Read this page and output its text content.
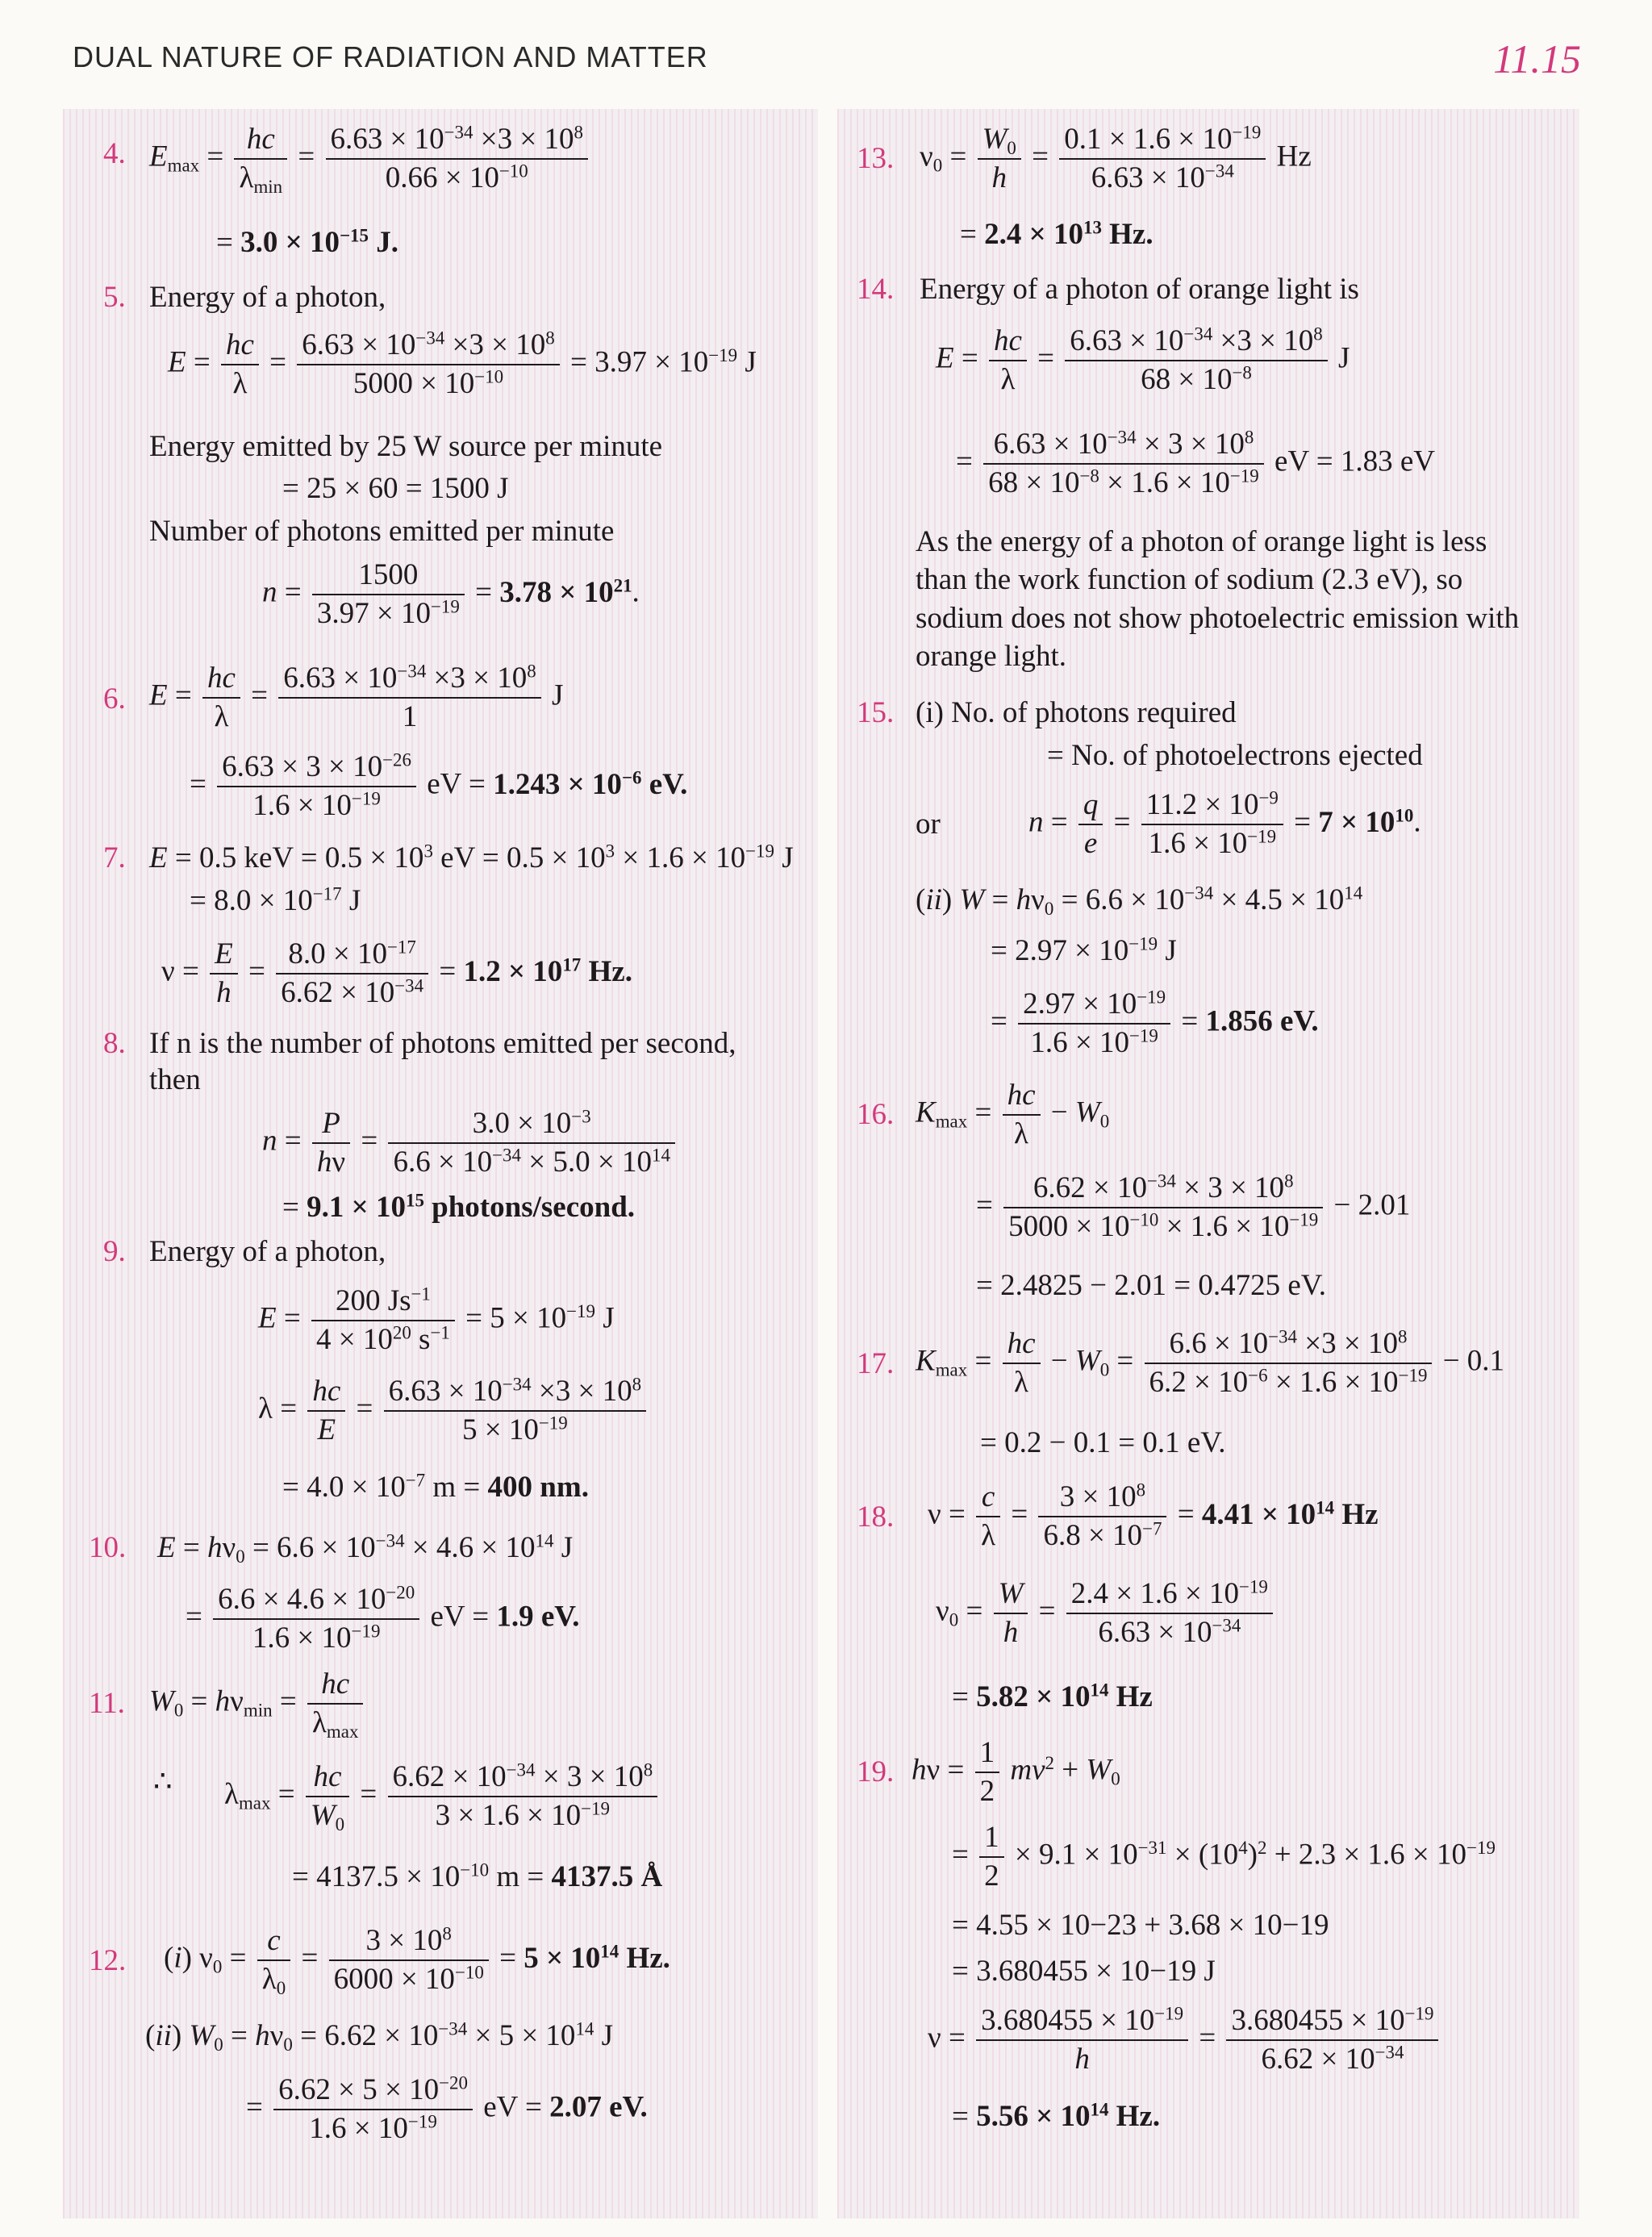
DUAL NATURE OF RADIATION AND MATTER	11.15
4. $E_{max}$ =
hc
$\lambda_{min}$
= $\frac{6.63 \times 10^{-34} \times 3 \times 10^8}{0.66 \times 10^{-10}}$
= $3.0 \times 10^{-15}$ J.
5. Energy of a photon,
$E = \frac{hc}{\lambda} = \frac{6.63 \times 10^{-34} \times 3 \times 10^8}{5000 \times 10^{-10}} = 3.97 \times 10^{-19}$ J
Energy emitted by 25 W source per minute
= 25 × 60 = 1500 J
Number of photons emitted per minute
$n = \frac{1500}{3.97 \times 10^{-19}} = 3.78 \times 10^{21}$.
6. $E = \frac{hc}{\lambda} = \frac{6.63 \times 10^{-34} \times 3 \times 10^8}{1}$ J
= $\frac{6.63 \times 3 \times 10^{-26}}{1.6 \times 10^{-19}}$ eV = $1.243 \times 10^{-6}$ eV.
7. E = 0.5 keV = $0.5 \times 10^3$ eV = $0.5 \times 10^3 \times 1.6 \times 10^{-19}$ J
= $8.0 \times 10^{-17}$ J
$\nu = \frac{E}{h} = \frac{8.0 \times 10^{-17}}{6.62 \times 10^{-34}} = 1.2 \times 10^{17}$ Hz.
8. If n is the number of photons emitted per second,
then
$n = \frac{P}{h\nu} = \frac{3.0 \times 10^{-3}}{6.6 \times 10^{-34} \times 5.0 \times 10^{14}}$
= $9.1 \times 10^{15}$ photons/second.
9. Energy of a photon,
$E = \frac{200 Js^{-1}}{4 \times 10^{20} s^{-1}} = 5 \times 10^{-19}$ J
$\lambda = \frac{hc}{E} = \frac{6.63 \times 10^{-34} \times 3 \times 10^8}{5 \times 10^{-19}}$
= $4.0 \times 10^{-7}$ m = 400 nm.
10. $E = h\nu_0 = 6.6 \times 10^{-34} \times 4.6 \times 10^{14}$ J
= $\frac{6.6 \times 4.6 \times 10^{-20}}{1.6 \times 10^{-19}}$ eV = 1.9 eV.
11. $W_0 = h\nu_{min}$ =
hc
$\lambda_{max}$
∴ $\lambda_{max} = \frac{hc}{W_0} = \frac{6.62 \times 10^{-34} \times 3 \times 10^8}{3 \times 1.6 \times 10^{-19}}$
= $4137.5 \times 10^{-10}$ m = 4137.5 Å
12. (i) $\nu_0 = \frac{c}{\lambda_0} = \frac{3 \times 10^8}{6000 \times 10^{-10}} = 5 \times 10^{14}$ Hz.
(ii) $W_0 = h\nu_0 = 6.62 \times 10^{-34} \times 5 \times 10^{14}$ J
= $\frac{6.62 \times 5 \times 10^{-20}}{1.6 \times 10^{-19}}$ eV = 2.07 eV.
13. $\nu_0 = \frac{W_0}{h} = \frac{0.1 \times 1.6 \times 10^{-19}}{6.63 \times 10^{-34}}$ Hz
= $2.4 \times 10^{13}$ Hz.
14. Energy of a photon of orange light is
$E = \frac{hc}{\lambda} = \frac{6.63 \times 10^{-34} \times 3 \times 10^8}{68 \times 10^{-8}}$ J
= $\frac{6.63 \times 10^{-34} \times 3 \times 10^8}{68 \times 10^{-8} \times 1.6 \times 10^{-19}}$ eV = 1.83 eV
As the energy of a photon of orange light is less
than the work function of sodium (2.3 eV), so
sodium does not show photoelectric emission with
orange light.
15. (i) No. of photons required
= No. of photoelectrons ejected
or	$n = \frac{q}{e} = \frac{11.2 \times 10^{-9}}{1.6 \times 10^{-19}} = 7 \times 10^{10}$.
(ii) $W = h\nu_0 = 6.6 \times 10^{-34} \times 4.5 \times 10^{14}$
= $2.97 \times 10^{-19}$ J
= $\frac{2.97 \times 10^{-19}}{1.6 \times 10^{-19}} = 1.856$ eV.
16. $K_{max} = \frac{hc}{\lambda} - W_0$
= $\frac{6.62 \times 10^{-34} \times 3 \times 10^8}{5000 \times 10^{-10} \times 1.6 \times 10^{-19}} - 2.01$
= 2.4825 − 2.01 = 0.4725 eV.
17. $K_{max} = \frac{hc}{\lambda} - W_0 = \frac{6.6 \times 10^{-34} \times 3 \times 10^8}{6.2 \times 10^{-6} \times 1.6 \times 10^{-19}} - 0.1$
= 0.2 − 0.1 = 0.1 eV.
18. $\nu = \frac{c}{\lambda} = \frac{3 \times 10^8}{6.8 \times 10^{-7}} = 4.41 \times 10^{14}$ Hz
$\nu_0 = \frac{W}{h} = \frac{2.4 \times 1.6 \times 10^{-19}}{6.63 \times 10^{-34}}$
= $5.82 \times 10^{14}$ Hz
19. $h\nu = \frac{1}{2} mv^2 + W_0$
= $\frac{1}{2} \times 9.1 \times 10^{-31} \times (10^4)^2 + 2.3 \times 1.6 \times 10^{-19}$
= 4.55 × 10−23 + 3.68 × 10−19
= 3.680455 × 10−19 J
$\nu = \frac{3.680455 \times 10^{-19}}{h} = \frac{3.680455 \times 10^{-19}}{6.62 \times 10^{-34}}$
= $5.56 \times 10^{14}$ Hz.
